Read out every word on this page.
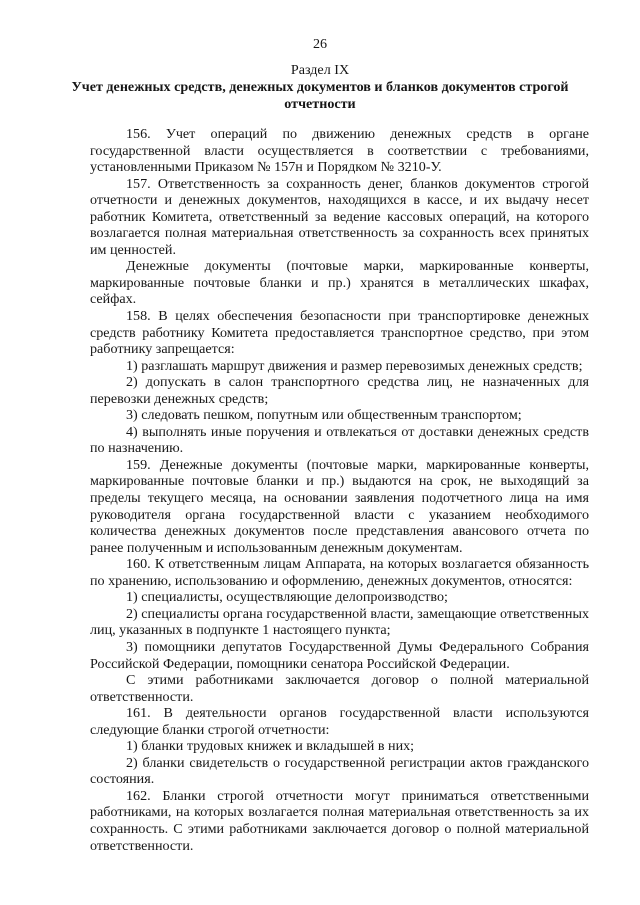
26
Раздел IX
Учет денежных средств, денежных документов и бланков документов строгой отчетности

156. Учет операций по движению денежных средств в органе государственной власти осуществляется в соответствии с требованиями, установленными Приказом № 157н и Порядком № 3210-У.

157. Ответственность за сохранность денег, бланков документов строгой отчетности и денежных документов, находящихся в кассе, и их выдачу несет работник Комитета, ответственный за ведение кассовых операций, на которого возлагается полная материальная ответственность за сохранность всех принятых им ценностей.

Денежные документы (почтовые марки, маркированные конверты, маркированные почтовые бланки и пр.) хранятся в металлических шкафах, сейфах.

158. В целях обеспечения безопасности при транспортировке денежных средств работнику Комитета предоставляется транспортное средство, при этом работнику запрещается:

1) разглашать маршрут движения и размер перевозимых денежных средств;

2) допускать в салон транспортного средства лиц, не назначенных для перевозки денежных средств;

3) следовать пешком, попутным или общественным транспортом;

4) выполнять иные поручения и отвлекаться от доставки денежных средств по назначению.

159. Денежные документы (почтовые марки, маркированные конверты, маркированные почтовые бланки и пр.) выдаются на срок, не выходящий за пределы текущего месяца, на основании заявления подотчетного лица на имя руководителя органа государственной власти с указанием необходимого количества денежных документов после представления авансового отчета по ранее полученным и использованным денежным документам.

160. К ответственным лицам Аппарата, на которых возлагается обязанность по хранению, использованию и оформлению, денежных документов, относятся:

1) специалисты, осуществляющие делопроизводство;

2) специалисты органа государственной власти, замещающие ответственных лиц, указанных в подпункте 1 настоящего пункта;

3) помощники депутатов Государственной Думы Федерального Собрания Российской Федерации, помощники сенатора Российской Федерации.

С этими работниками заключается договор о полной материальной ответственности.

161. В деятельности органов государственной власти используются следующие бланки строгой отчетности:

1) бланки трудовых книжек и вкладышей в них;

2) бланки свидетельств о государственной регистрации актов гражданского состояния.

162. Бланки строгой отчетности могут приниматься ответственными работниками, на которых возлагается полная материальная ответственность за их сохранность. С этими работниками заключается договор о полной материальной ответственности.
